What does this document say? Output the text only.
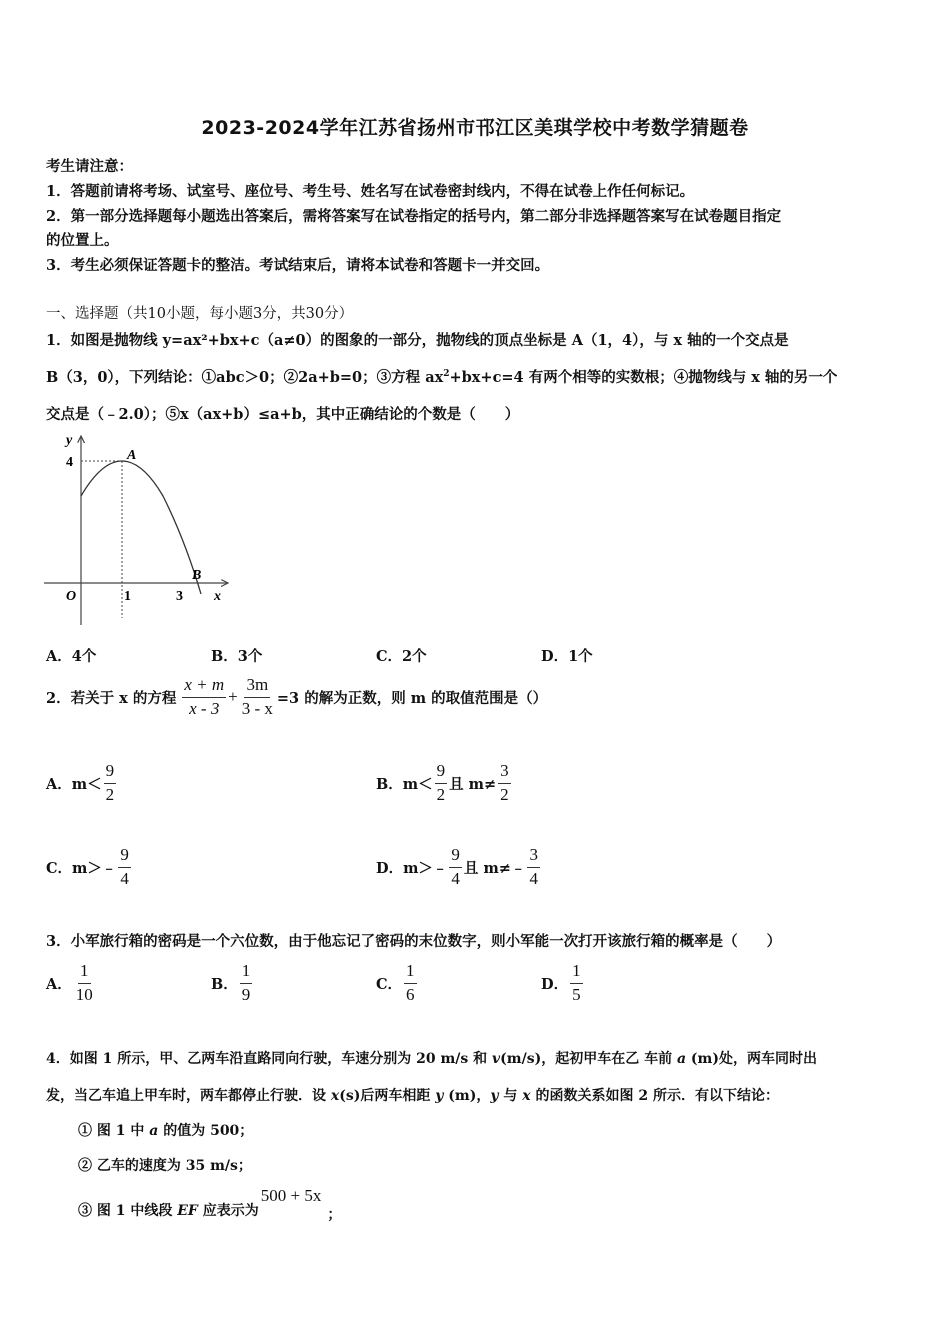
2023-2024学年江苏省扬州市邗江区美琪学校中考数学猜题卷
考生请注意：
1．答题前请将考场、试室号、座位号、考生号、姓名写在试卷密封线内，不得在试卷上作任何标记。
2．第一部分选择题每小题选出答案后，需将答案写在试卷指定的括号内，第二部分非选择题答案写在试卷题目指定
的位置上。
3．考生必须保证答题卡的整洁。考试结束后，请将本试卷和答题卡一并交回。
一、选择题（共10小题，每小题3分，共30分）
1．如图是抛物线 y=ax²+bx+c（a≠0）的图象的一部分，抛物线的顶点坐标是 A（1，4），与 x 轴的一个交点是
B（3，0），下列结论：①abc＞0；②2a+b=0；③方程 $ax^2+bx+c=4$ 有两个相等的实数根；④抛物线与 x 轴的另一个
交点是（﹣2.0）；⑤x（ax+b）≤a+b，其中正确结论的个数是（　　）
y
4	A
B
O	1	3 x
A．4个	B．3个	C．2个	D．1个
2．若关于 x 的方程 $\frac{x + m}{x - 3} + \frac{3m}{3 - x} =3$ 的解为正数，则 m 的取值范围是（）
A．$m< \frac{9}{2}$	B．$m< \frac{9}{2}$ 且 $m\ne \frac{3}{2}$
C．m＞﹣ $\frac{9}{4}$	D．m＞﹣ $\frac{9}{4}$ 且 m≠﹣ $\frac{3}{4}$
3．小军旅行箱的密码是一个六位数，由于他忘记了密码的末位数字，则小军能一次打开该旅行箱的概率是（　　）
A． $\frac{1}{10}$	B． $\frac{1}{9}$	C． $\frac{1}{6}$	D． $\frac{1}{5}$
4．如图 1 所示，甲、乙两车沿直路同向行驶，车速分别为 20 m/s 和 v(m/s)，起初甲车在乙 车前 a (m)处，两车同时出
发，当乙车追上甲车时，两车都停止行驶．设 x(s)后两车相距 y (m)，y 与 x 的函数关系如图 2 所示．有以下结论：
① 图 1 中 a 的值为 500；
② 乙车的速度为 35 m/s；
③ 图 1 中线段 EF 应表示为500 + 5x；
